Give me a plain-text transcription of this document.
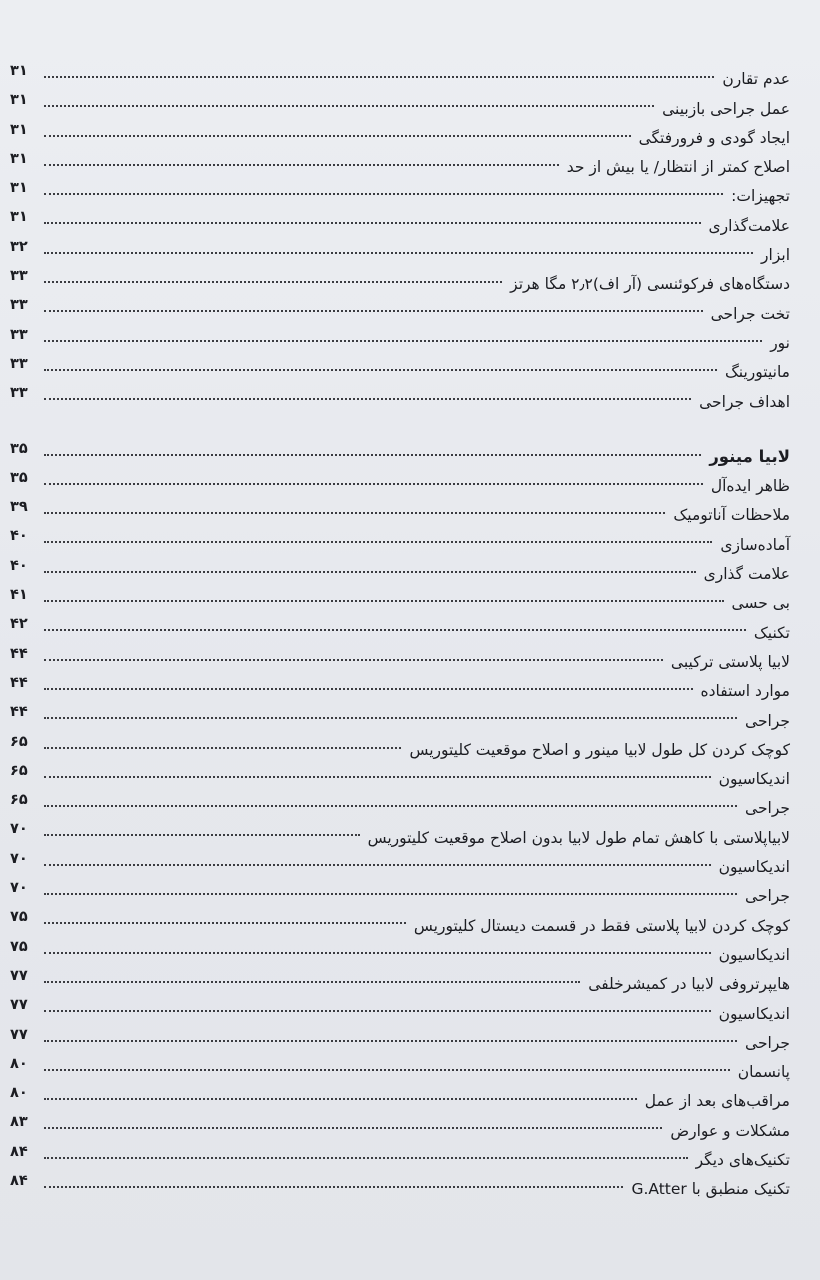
۳۱	عدم تقارن
۳۱	عمل جراحی بازبینی
۳۱	ایجاد گودی و فرورفتگی
۳۱	اصلاح کمتر از انتظار/ یا بیش از حد
۳۱	تجهیزات:
۳۱	علامت‌گذاری
۳۲	ابزار
۳۳	دستگاه‌های فرکوئنسی (آر اف)۲٫۲ مگا هرتز
۳۳	تخت جراحی
۳۳	نور
۳۳	مانیتورینگ
۳۳	اهداف جراحی
۳۵	لابیا مینور
۳۵	ظاهر ایده‌آل
۳۹	ملاحظات آناتومیک
۴۰	آماده‌سازی
۴۰	علامت گذاری
۴۱	بی حسی
۴۲	تکنیک
۴۴	لابیا پلاستی ترکیبی
۴۴	موارد استفاده
۴۴	جراحی
۶۵	کوچک کردن کل طول لابیا مینور و اصلاح موقعیت کلیتوریس
۶۵	اندیکاسیون
۶۵	جراحی
۷۰	لابیاپلاستی با کاهش تمام طول لابیا بدون اصلاح موقعیت کلیتوریس
۷۰	اندیکاسیون
۷۰	جراحی
۷۵	کوچک کردن لابیا پلاستی فقط در قسمت دیستال کلیتوریس
۷۵	اندیکاسیون
۷۷	هایپرتروفی لابیا در کمیشرخلفی
۷۷	اندیکاسیون
۷۷	جراحی
۸۰	پانسمان
۸۰	مراقب‌های بعد از عمل
۸۳	مشکلات و عوارض
۸۴	تکنیک‌های دیگر
۸۴	تکنیک منطبق با G.Atter
